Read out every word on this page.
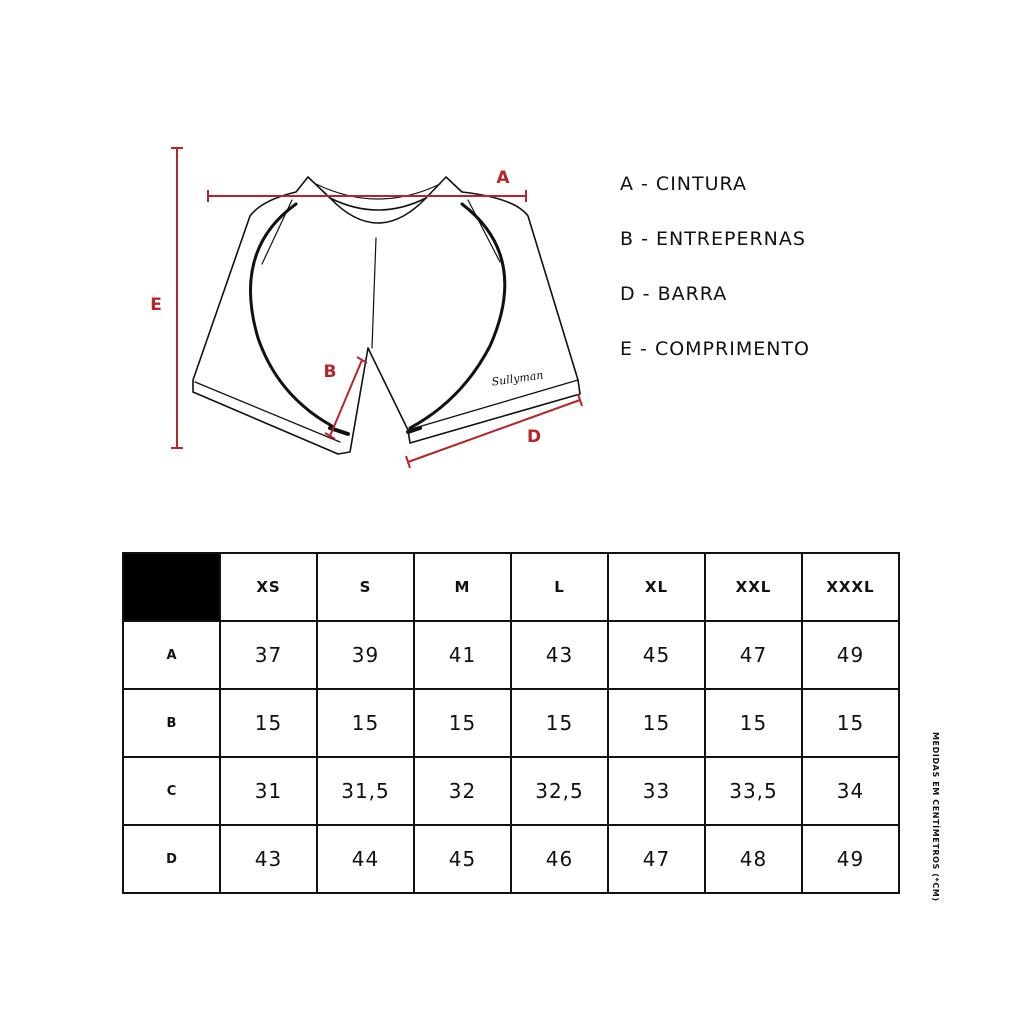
Sullyman
E
A
B
D
A - CINTURA
B - ENTREPERNAS
D - BARRA
E - COMPRIMENTO
	XS	S	M	L	XL	XXL	XXXL
A	37	39	41	43	45	47	49
B	15	15	15	15	15	15	15
C	31	31,5	32	32,5	33	33,5	34
D	43	44	45	46	47	48	49	MEDIDAS EM CENTÍMETROS (*CM)
